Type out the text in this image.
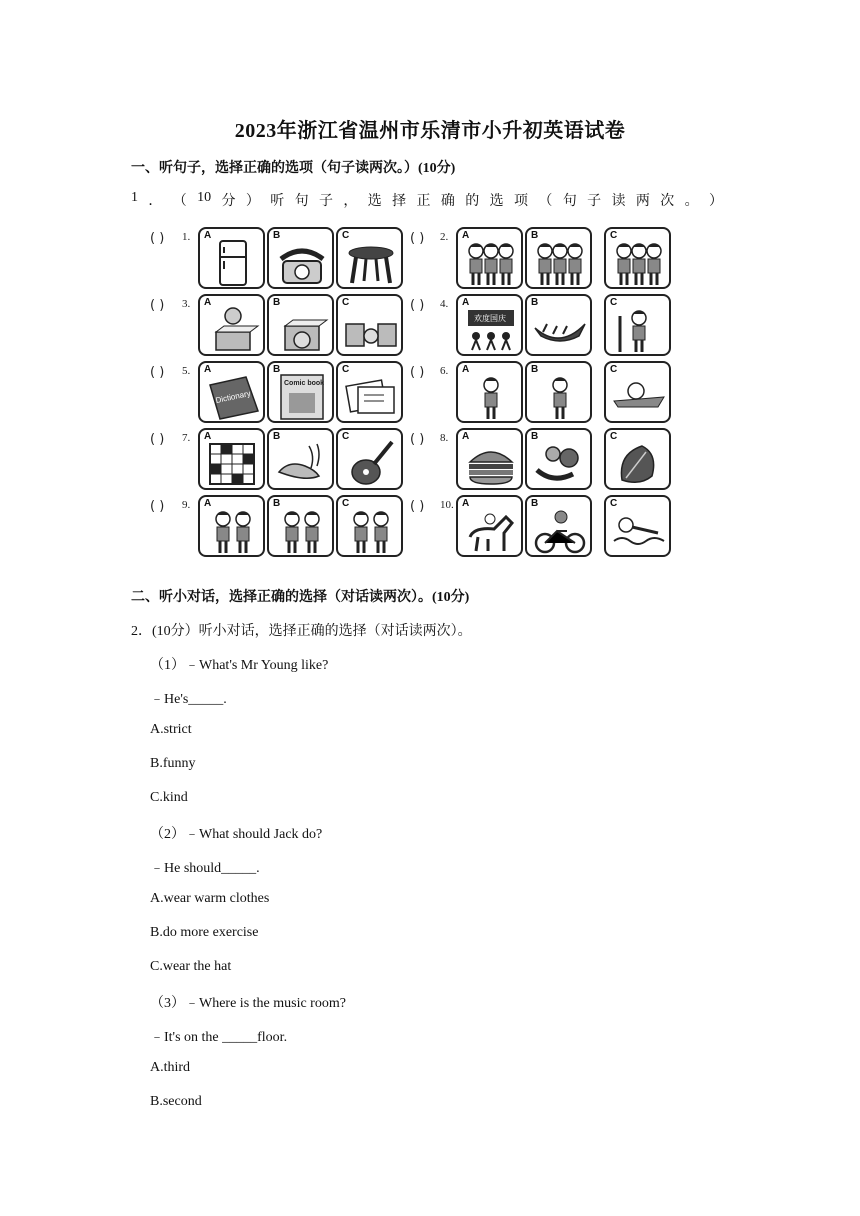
2023年浙江省温州市乐清市小升初英语试卷
一、听句子，选择正确的选项（句子读两次。）(10分)
1 ． （ 10 分 ） 听 句 子 ， 选 择 正 确 的 选 项 （ 句 子 读 两 次 。 ）
( ) 1. A	B	C	( ) 2. A	B	C
( ) 3. A	B	C	( ) 4. A
欢度国庆
B	C
( ) 5. A
Dictionary
B
Comic book
C	( ) 6. A	B	C
( ) 7. A	B	C	( ) 8. A	B	C
( ) 9. A	B	C	( ) 10. A	B	C
二、听小对话，选择正确的选择（对话读两次）。(10分)
2．(10分）听小对话，选择正确的选择（对话读两次）。
（1）﹣What's Mr Young like?
﹣He's_____.
A.strict
B.funny
C.kind
（2）﹣What should Jack do?
﹣He should_____.
A.wear warm clothes
B.do more exercise
C.wear the hat
（3）﹣Where is the music room?
﹣It's on the _____floor.
A.third
B.second
